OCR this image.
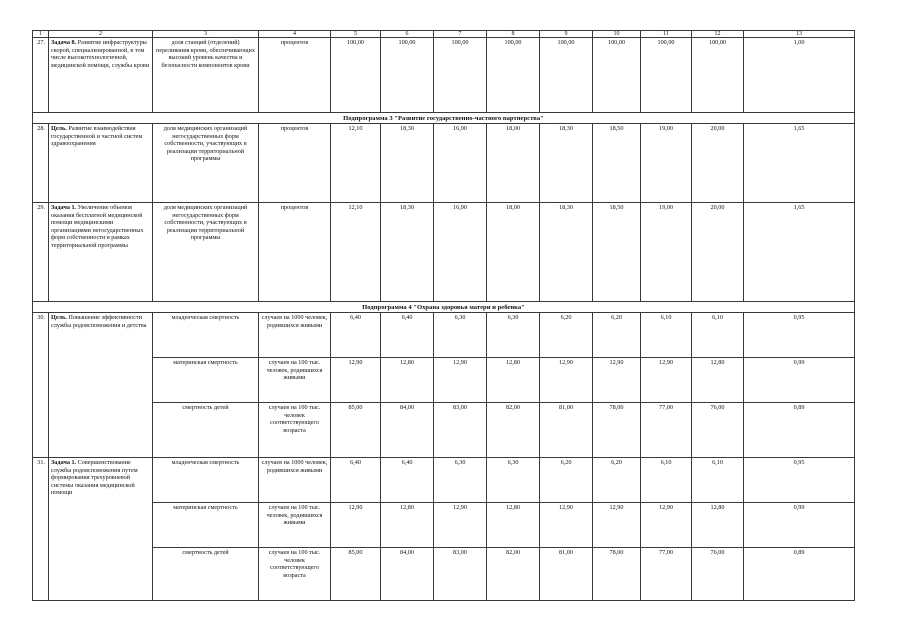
1	2	3	4	5	6	7	8	9	10	11	12	13
27.	Задача 8. Развитие инфраструктуры скорой, специализированной, в том числе высокотехнологичной, медицинской помощи, службы крови	доля станций (отделений) переливания крови, обеспечивающих высокий уровень качества и безопасности компонентов крови	процентов	100,00	100,00	100,00	100,00	100,00	100,00	100,00	100,00	1,00
Подпрограмма 3 "Развитие государственно-частного партнерства"												
28.	Цель. Развитие взаимодействия государственной и частной систем здравоохранения	доля медицинских организаций негосударственных форм собственности, участвующих в реализации территориальной программы	процентов	12,10	18,30	16,90	18,00	18,30	18,50	19,00	20,00	1,65
29.	Задача 1. Увеличение объемов оказания бесплатной медицинской помощи медицинскими организациями негосударственных форм собственности в рамках территориальной программы	доля медицинских организаций негосударственных форм собственности, участвующих в реализации территориальной программы	процентов	12,10	18,30	16,90	18,00	18,30	18,50	19,00	20,00	1,65
Подпрограмма 4 "Охрана здоровья матери и ребенка"												
30.	Цель. Повышение эффективности службы родовспоможения и детства	младенческая смертность	случаев на 1000 человек, родившихся живыми	6,40	6,40	6,30	6,30	6,20	6,20	6,10	6,10	0,95
		материнская смертность	случаев на 100 тыс. человек, родившихся живыми	12,90	12,80	12,90	12,80	12,90	12,90	12,90	12,80	0,99
		смертность детей	случаев на 100 тыс. человек соответствующего возраста	85,00	84,00	83,00	82,00	81,00	78,00	77,00	76,00	0,89
31.	Задача 1. Совершенствование службы родовспоможения путем формирования трехуровневой системы оказания медицинской помощи	младенческая смертность	случаев на 1000 человек, родившихся живыми	6,40	6,40	6,30	6,30	6,20	6,20	6,10	6,10	0,95
		материнская смертность	случаев на 100 тыс. человек, родившихся живыми	12,90	12,80	12,90	12,80	12,90	12,90	12,90	12,80	0,99
		смертность детей	случаев на 100 тыс. человек соответствующего возраста	85,00	84,00	83,00	82,00	81,00	78,00	77,00	76,00	0,89
